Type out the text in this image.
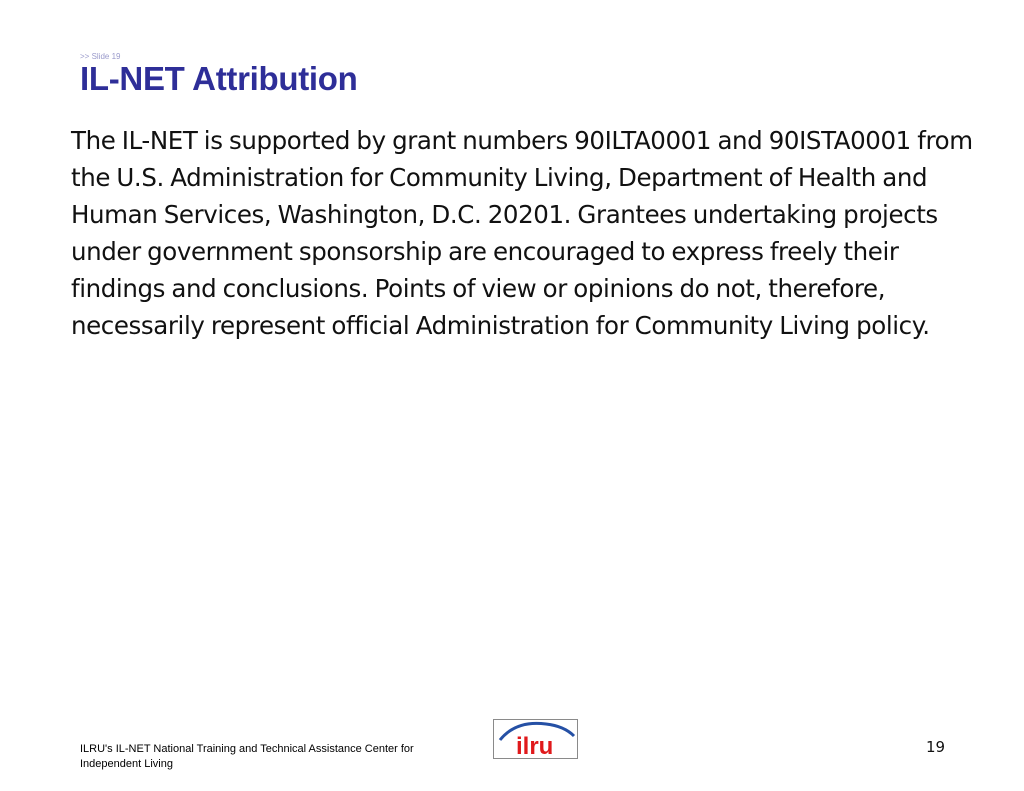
>> Slide 19
IL-NET Attribution

The IL-NET is supported by grant numbers 90ILTA0001 and 90ISTA0001 from the U.S. Administration for Community Living, Department of Health and Human Services, Washington, D.C. 20201. Grantees undertaking projects under government sponsorship are encouraged to express freely their findings and conclusions. Points of view or opinions do not, therefore, necessarily represent official Administration for Community Living policy.

ILRU's IL-NET National Training and Technical Assistance Center for
Independent Living
ilru	19
